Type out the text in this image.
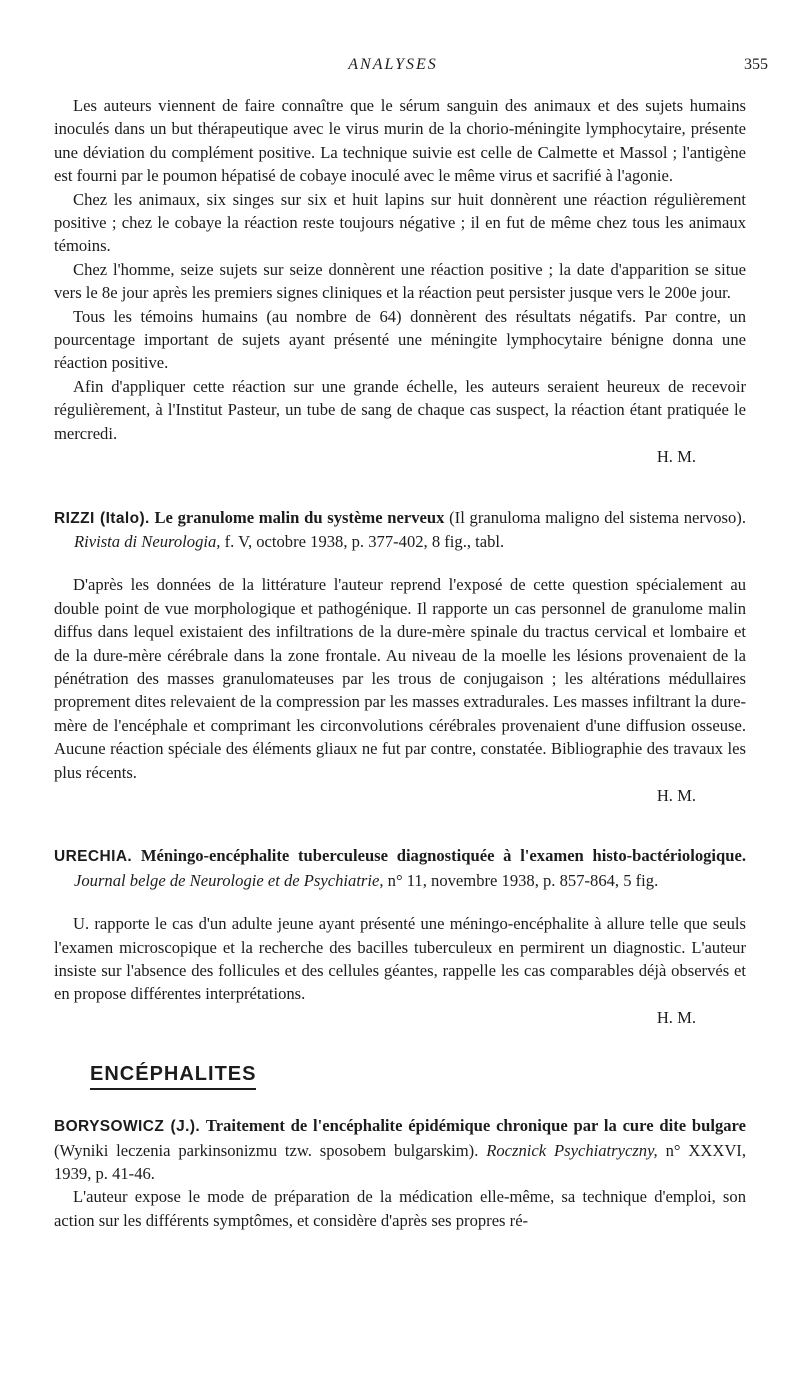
ANALYSES	355

Les auteurs viennent de faire connaître que le sérum sanguin des animaux et des sujets humains inoculés dans un but thérapeutique avec le virus murin de la chorio-méningite lymphocytaire, présente une déviation du complément positive. La technique suivie est celle de Calmette et Massol ; l'antigène est fourni par le poumon hépatisé de cobaye inoculé avec le même virus et sacrifié à l'agonie.

Chez les animaux, six singes sur six et huit lapins sur huit donnèrent une réaction régulièrement positive ; chez le cobaye la réaction reste toujours négative ; il en fut de même chez tous les animaux témoins.

Chez l'homme, seize sujets sur seize donnèrent une réaction positive ; la date d'apparition se situe vers le 8e jour après les premiers signes cliniques et la réaction peut persister jusque vers le 200e jour.

Tous les témoins humains (au nombre de 64) donnèrent des résultats négatifs. Par contre, un pourcentage important de sujets ayant présenté une méningite lymphocytaire bénigne donna une réaction positive.

Afin d'appliquer cette réaction sur une grande échelle, les auteurs seraient heureux de recevoir régulièrement, à l'Institut Pasteur, un tube de sang de chaque cas suspect, la réaction étant pratiquée le mercredi.

H. M.

RIZZI (Italo). Le granulome malin du système nerveux (Il granuloma maligno del sistema nervoso). Rivista di Neurologia, f. V, octobre 1938, p. 377-402, 8 fig., tabl.

D'après les données de la littérature l'auteur reprend l'exposé de cette question spécialement au double point de vue morphologique et pathogénique. Il rapporte un cas personnel de granulome malin diffus dans lequel existaient des infiltrations de la dure-mère spinale du tractus cervical et lombaire et de la dure-mère cérébrale dans la zone frontale. Au niveau de la moelle les lésions provenaient de la pénétration des masses granulomateuses par les trous de conjugaison ; les altérations médullaires proprement dites relevaient de la compression par les masses extradurales. Les masses infiltrant la dure-mère de l'encéphale et comprimant les circonvolutions cérébrales provenaient d'une diffusion osseuse. Aucune réaction spéciale des éléments gliaux ne fut par contre, constatée. Bibliographie des travaux les plus récents.

H. M.

URECHIA. Méningo-encéphalite tuberculeuse diagnostiquée à l'examen histo-bactériologique. Journal belge de Neurologie et de Psychiatrie, n° 11, novembre 1938, p. 857-864, 5 fig.

U. rapporte le cas d'un adulte jeune ayant présenté une méningo-encéphalite à allure telle que seuls l'examen microscopique et la recherche des bacilles tuberculeux en permirent un diagnostic. L'auteur insiste sur l'absence des follicules et des cellules géantes, rappelle les cas comparables déjà observés et en propose différentes interprétations.

H. M.

ENCÉPHALITES

BORYSOWICZ (J.). Traitement de l'encéphalite épidémique chronique par la cure dite bulgare (Wyniki leczenia parkinsonizmu tzw. sposobem bulgarskim). Rocznick Psychiatryczny, n° XXXVI, 1939, p. 41-46.

L'auteur expose le mode de préparation de la médication elle-même, sa technique d'emploi, son action sur les différents symptômes, et considère d'après ses propres ré-
